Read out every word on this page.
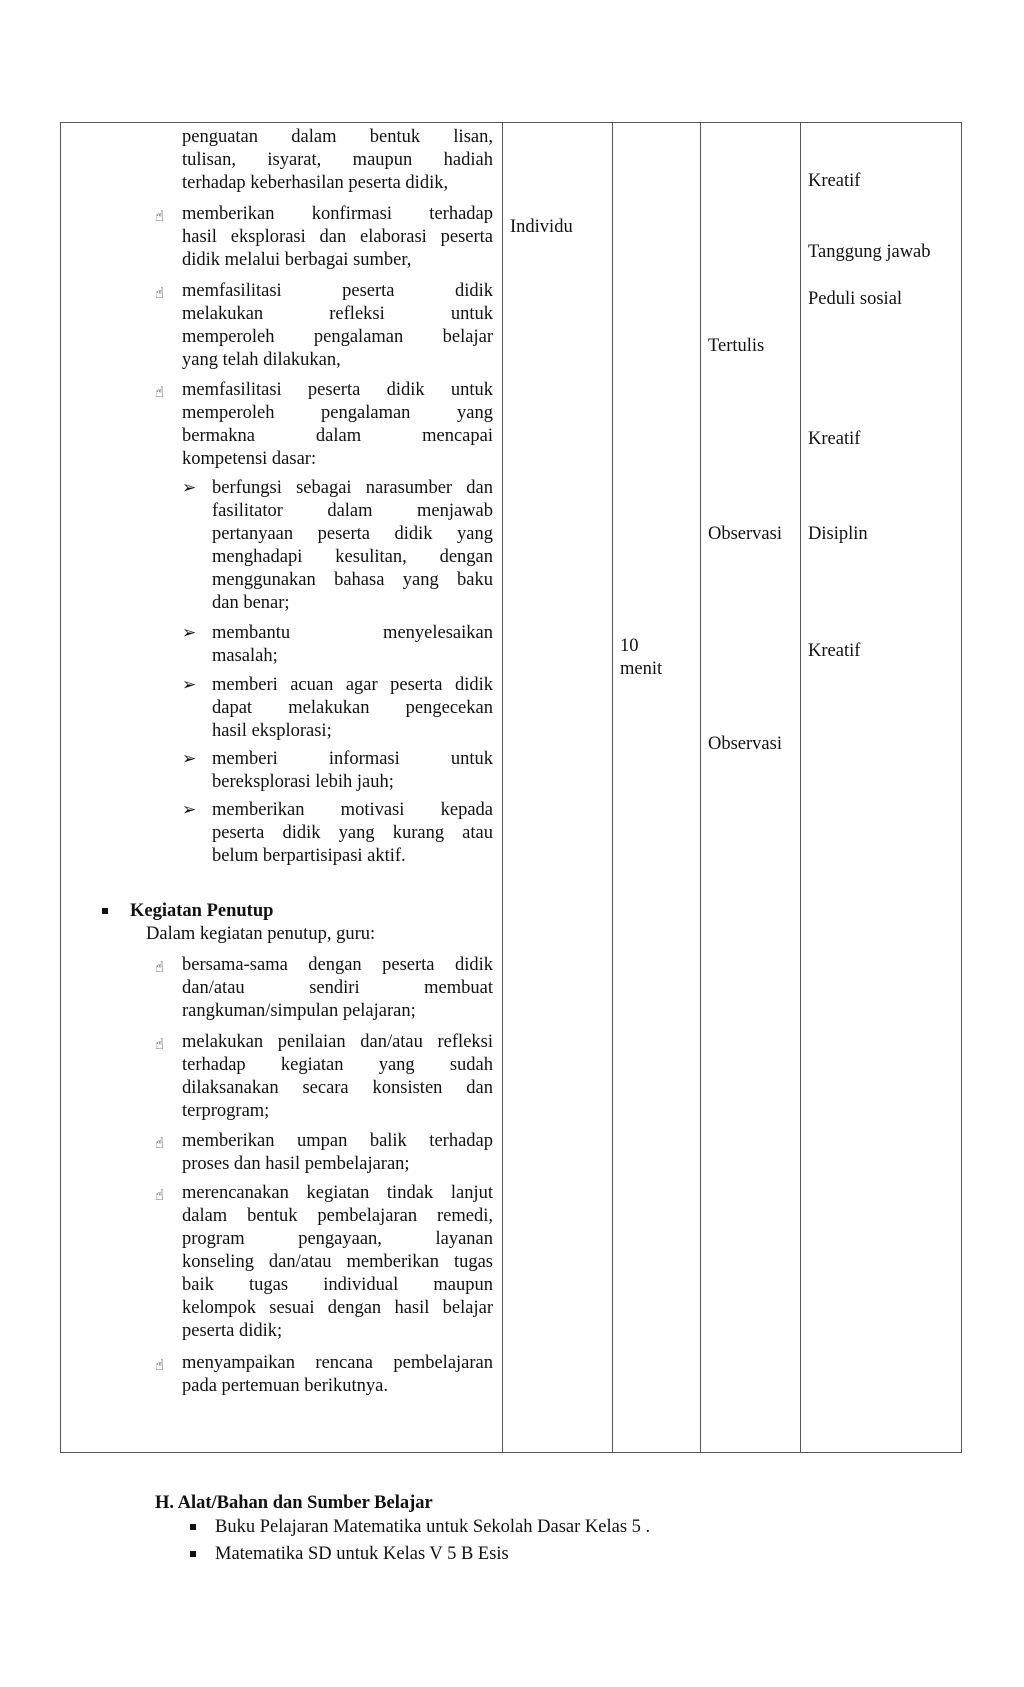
penguatan dalam bentuk lisan,
tulisan, isyarat, maupun hadiah
terhadap keberhasilan peserta didik,
☝ memberikan konfirmasi terhadap
hasil eksplorasi dan elaborasi peserta
didik melalui berbagai sumber,
☝ memfasilitasi peserta didik
melakukan refleksi untuk
memperoleh pengalaman belajar
yang telah dilakukan,
☝ memfasilitasi peserta didik untuk
memperoleh pengalaman yang
bermakna dalam mencapai
kompetensi dasar:
➢ berfungsi sebagai narasumber dan
fasilitator dalam menjawab
pertanyaan peserta didik yang
menghadapi kesulitan, dengan
menggunakan bahasa yang baku
dan benar;
➢ membantu menyelesaikan
masalah;
➢ memberi acuan agar peserta didik
dapat melakukan pengecekan
hasil eksplorasi;
➢ memberi informasi untuk
bereksplorasi lebih jauh;
➢ memberikan motivasi kepada
peserta didik yang kurang atau
belum berpartisipasi aktif.
Kegiatan Penutup
Dalam kegiatan penutup, guru:
☝ bersama-sama dengan peserta didik
dan/atau sendiri membuat
rangkuman/simpulan pelajaran;
☝ melakukan penilaian dan/atau refleksi
terhadap kegiatan yang sudah
dilaksanakan secara konsisten dan
terprogram;
☝ memberikan umpan balik terhadap
proses dan hasil pembelajaran;
☝ merencanakan kegiatan tindak lanjut
dalam bentuk pembelajaran remedi,
program pengayaan, layanan
konseling dan/atau memberikan tugas
baik tugas individual maupun
kelompok sesuai dengan hasil belajar
peserta didik;
☝ menyampaikan rencana pembelajaran
pada pertemuan berikutnya.
Individu
10
menit
Tertulis
Observasi
Observasi
Kreatif
Tanggung jawab
Peduli sosial
Kreatif
Disiplin
Kreatif
H. Alat/Bahan dan Sumber Belajar
Buku Pelajaran Matematika untuk Sekolah Dasar Kelas 5 .
Matematika SD untuk Kelas V 5 B Esis
